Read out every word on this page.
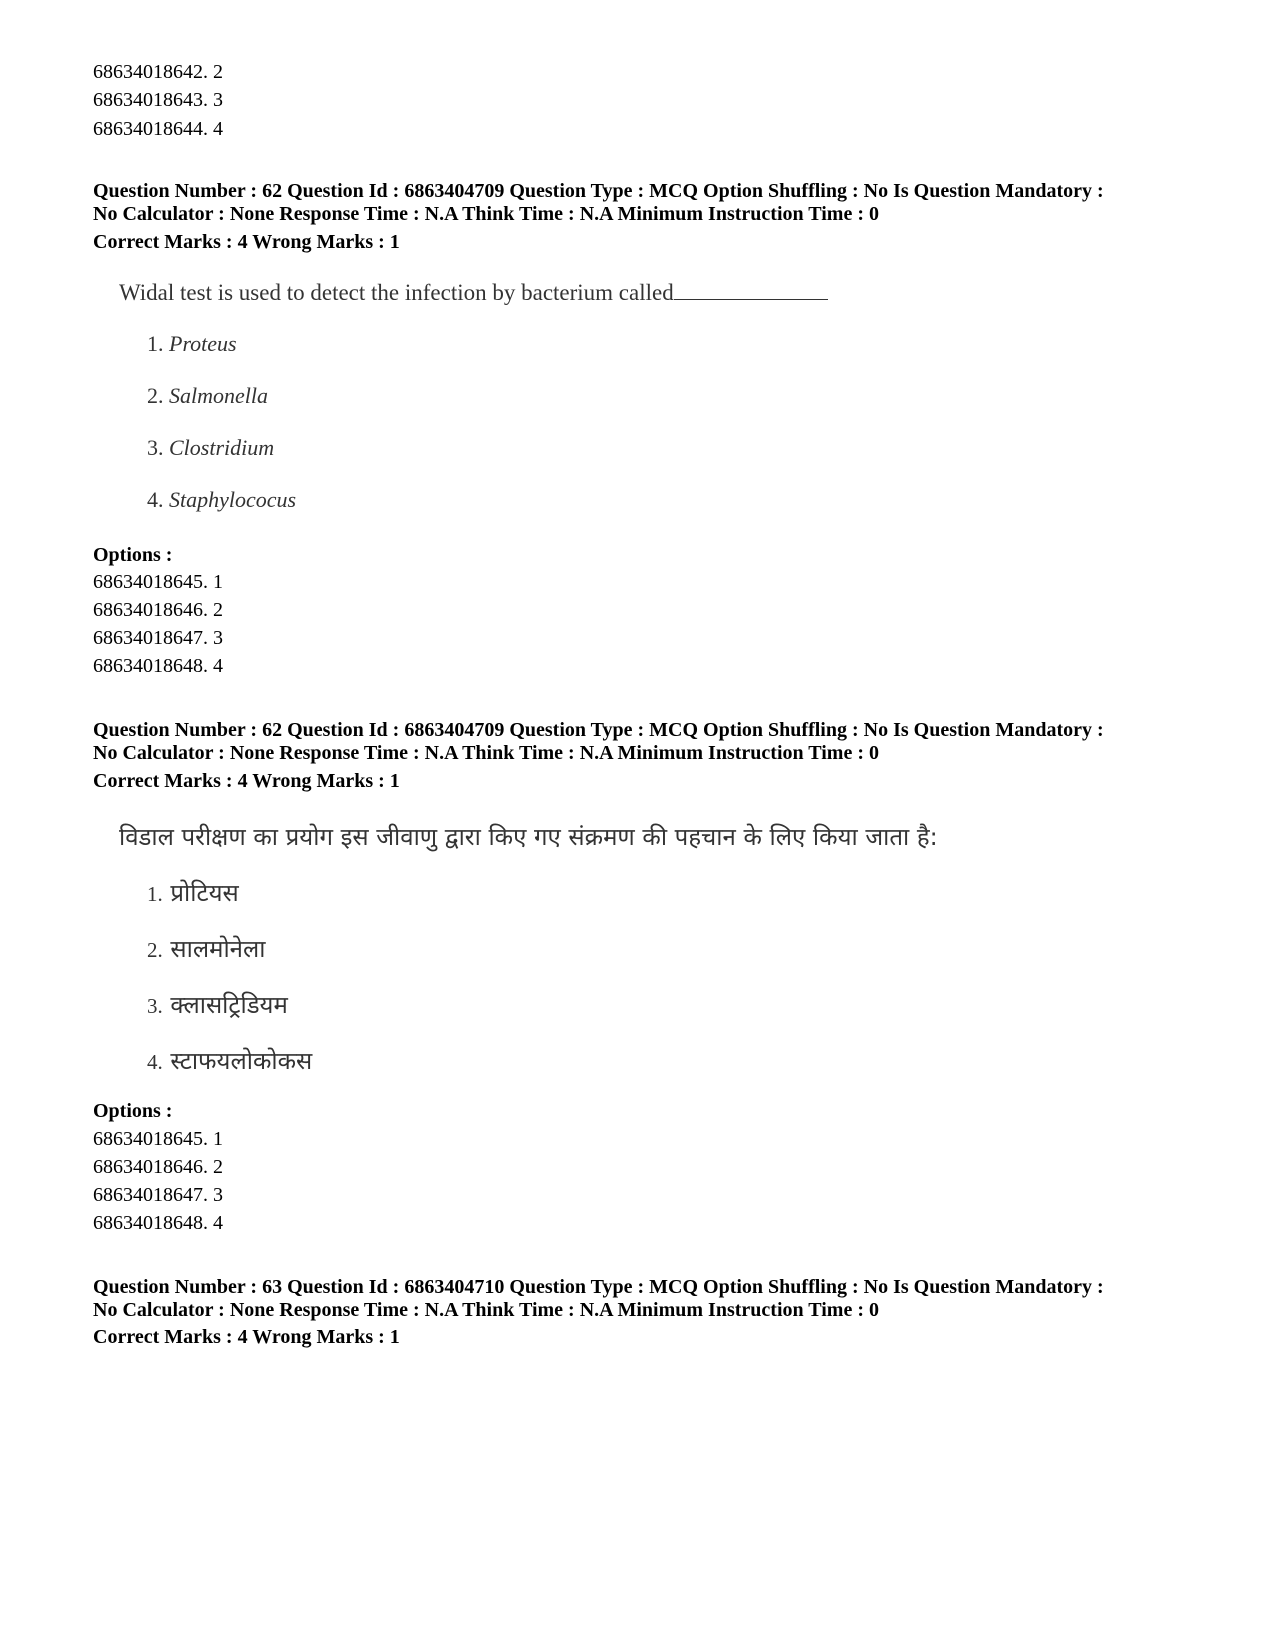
68634018642. 2
68634018643. 3
68634018644. 4
Question Number : 62 Question Id : 6863404709 Question Type : MCQ Option Shuffling : No Is Question Mandatory :
No Calculator : None Response Time : N.A Think Time : N.A Minimum Instruction Time : 0
Correct Marks : 4 Wrong Marks : 1
Widal test is used to detect the infection by bacterium called
1. Proteus
2. Salmonella
3. Clostridium
4. Staphylococus
Options :
68634018645. 1
68634018646. 2
68634018647. 3
68634018648. 4
Question Number : 62 Question Id : 6863404709 Question Type : MCQ Option Shuffling : No Is Question Mandatory :
No Calculator : None Response Time : N.A Think Time : N.A Minimum Instruction Time : 0
Correct Marks : 4 Wrong Marks : 1
विडाल परीक्षण का प्रयोग इस जीवाणु द्वारा किए गए संक्रमण की पहचान के लिए किया जाता है:
1. प्रोटियस
2. सालमोनेला
3. क्लासट्रिडियम
4. स्टाफयलोकोकस
Options :
68634018645. 1
68634018646. 2
68634018647. 3
68634018648. 4
Question Number : 63 Question Id : 6863404710 Question Type : MCQ Option Shuffling : No Is Question Mandatory :
No Calculator : None Response Time : N.A Think Time : N.A Minimum Instruction Time : 0
Correct Marks : 4 Wrong Marks : 1
